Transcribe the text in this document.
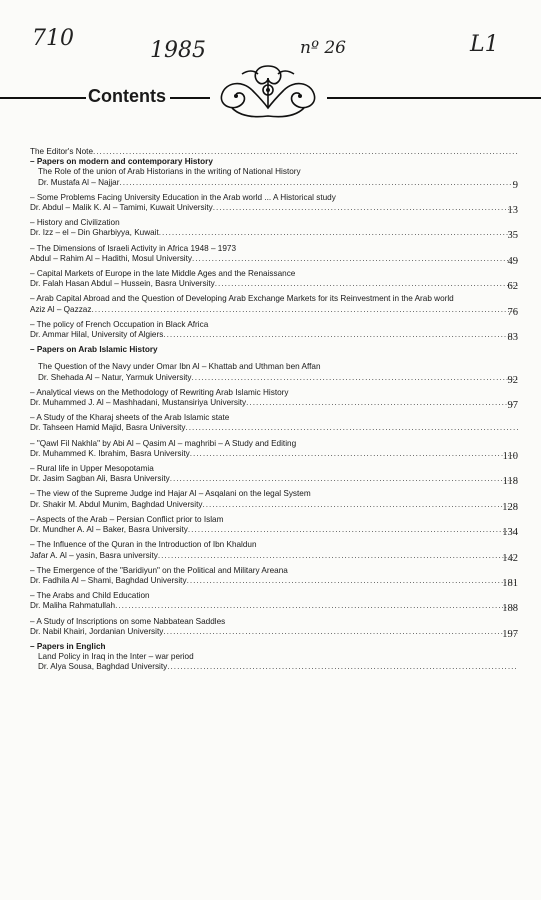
710	1985	nº 26	L1
Contents
The Editor's Note .....
– Papers on modern and contemporary History
The Role of the union of Arab Historians in the writing of National History
Dr. Mustafa Al – Najjar .....	9
– Some Problems Facing University Education in the Arab world ... A Historical study
Dr. Abdul – Malik K. Al – Tamimi, Kuwait University .....	13
– History and Civilization
Dr. Izz – el – Din Gharbiyya, Kuwait .....	35
– The Dimensions of Israeli Activity in Africa 1948 – 1973
Abdul – Rahim Al – Hadithi, Mosul University .....	49
– Capital Markets of Europe in the late Middle Ages and the Renaissance
Dr. Falah Hasan Abdul – Hussein, Basra University .....	62
– Arab Capital Abroad and the Question of Developing Arab Exchange Markets for its Reinvestment in the Arab world
Aziz Al – Qazzaz .....	76
– The policy of French Occupation in Black Africa
Dr. Ammar Hilal, University of Algiers .....	83
– Papers on Arab Islamic History
The Question of the Navy under Omar Ibn Al – Khattab and Uthman ben Affan
Dr. Shehada Al – Natur, Yarmuk University .....	92
– Analytical views on the Methodology of Rewriting Arab Islamic History
Dr. Muhammed J. Al – Mashhadani, Mustansiriya University .....	97
– A Study of the Kharaj sheets of the Arab Islamic state
Dr. Tahseen Hamid Majid, Basra University .....
– "Qawl Fil Nakhla" by Abi Al – Qasim Al – maghribi – A Study and Editing
Dr. Muhammed K. Ibrahim, Basra University .....	110
– Rural life in Upper Mesopotamia
Dr. Jasim Sagban Ali, Basra University .....	118
– The view of the Supreme Judge ind Hajar Al – Asqalani on the legal System
Dr. Shakir M. Abdul Munim, Baghdad University .....	128
– Aspects of the Arab – Persian Conflict prior to Islam
Dr. Mundher A. Al – Baker, Basra University .....	134
– The Influence of the Quran in the Introduction of Ibn Khaldun
Jafar A. Al – yasin, Basra university .....	142
– The Emergence of the "Baridiyun" on the Political and Military Areana
Dr. Fadhila Al – Shami, Baghdad University .....	181
– The Arabs and Child Education
Dr. Maliha Rahmatullah .....	188
– A Study of Inscriptions on some Nabbatean Saddles
Dr. Nabil Khairi, Jordanian University .....	197
– Papers in Englich
Land Policy in Iraq in the Inter – war period
Dr. Alya Sousa, Baghdad University .....
